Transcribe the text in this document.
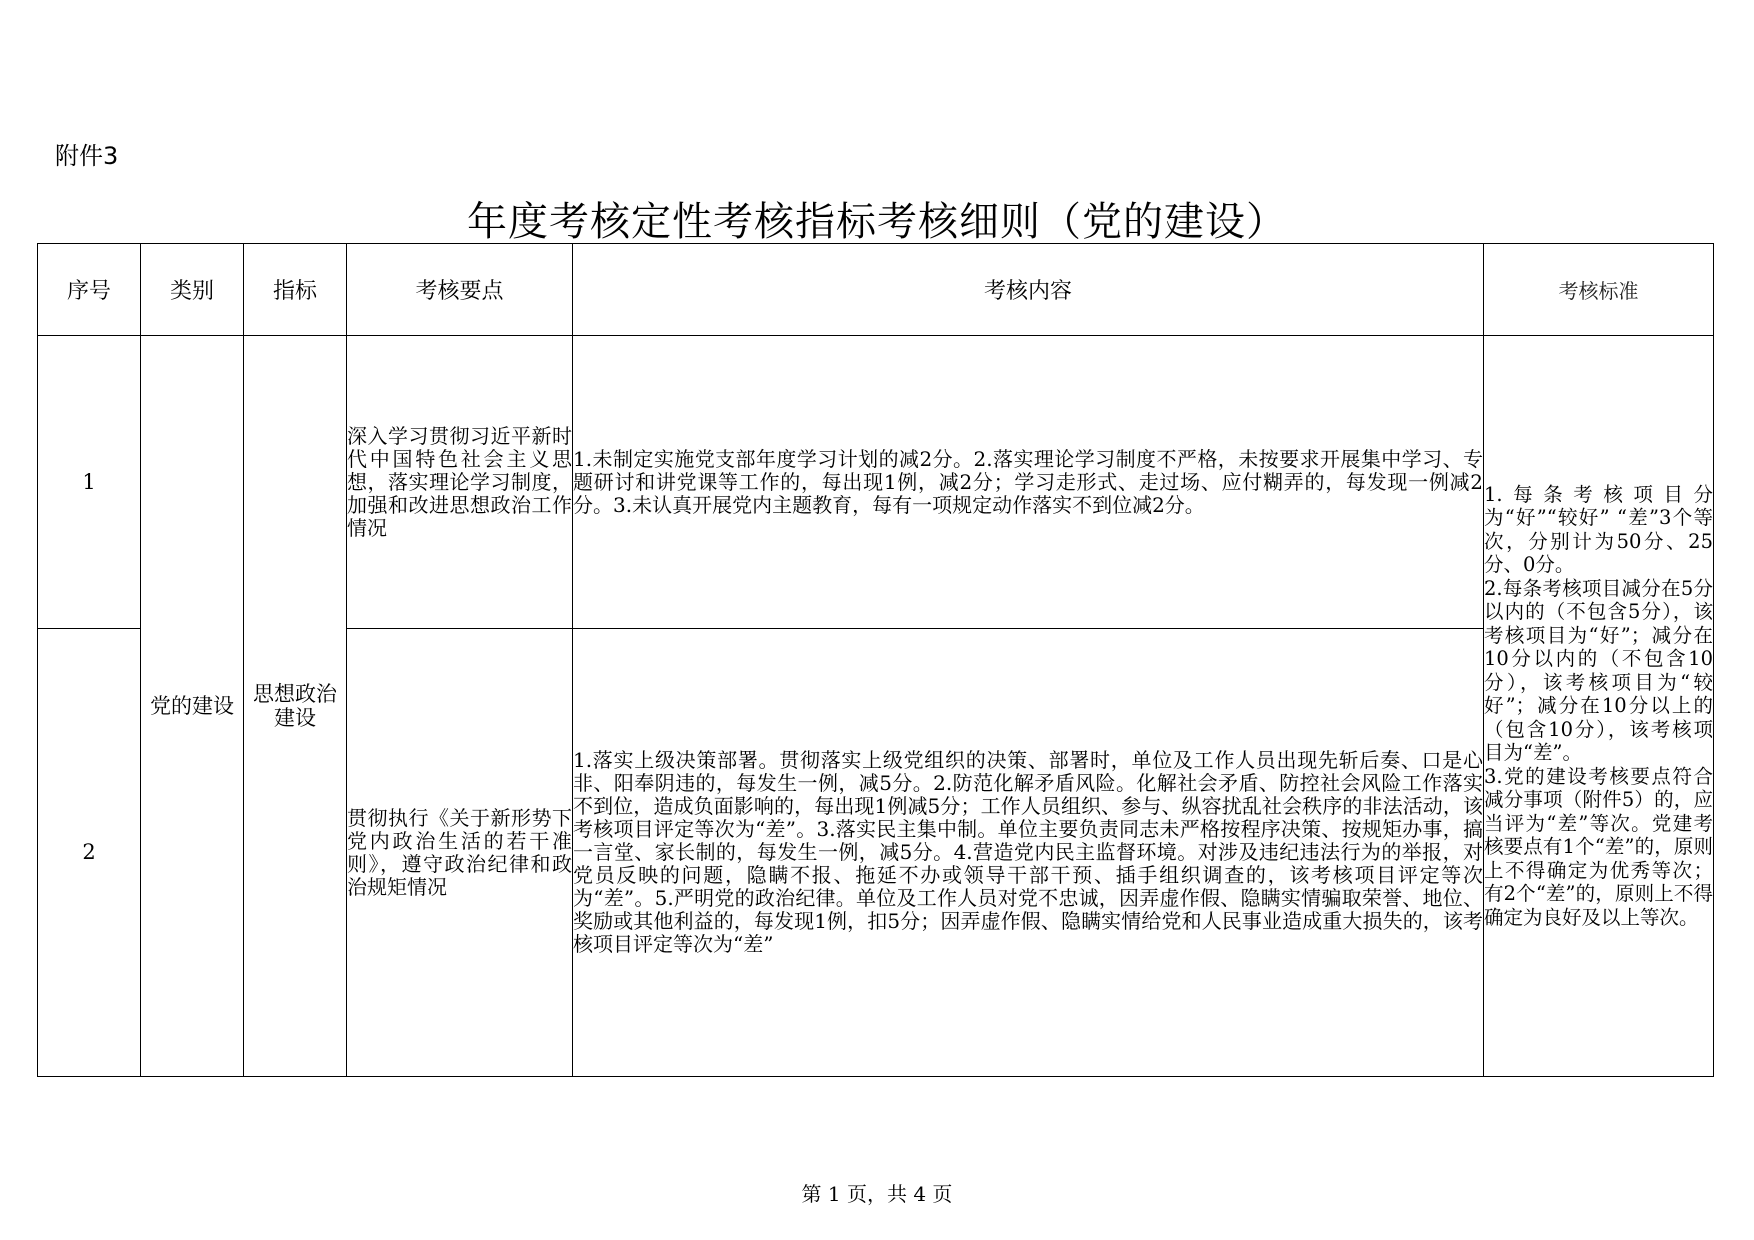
附件3
年度考核定性考核指标考核细则（党的建设）
序号	类别	指标	考核要点	考核内容	考核标准
1	党的建设	思想政治建设	深入学习贯彻习近平新时代中国特色社会主义思想，落实理论学习制度，加强和改进思想政治工作情况	1.未制定实施党支部年度学习计划的减2分。2.落实理论学习制度不严格，未按要求开展集中学习、专题研讨和讲党课等工作的，每出现1例，减2分；学习走形式、走过场、应付糊弄的，每发现一例减2分。3.未认真开展党内主题教育，每有一项规定动作落实不到位减2分。	1.每条考核项目分为“好”“较好” “差”3个等次，分别计为50分、25 分、0分。
2.每条考核项目减分在5分以内的（不包含5分），该考核项目为“好”；减分在10分以内的（不包含10分），该考核项目为“较好”；减分在10分以上的（包含10分），该考核项目为“差”。
3.党的建设考核要点符合减分事项（附件5）的，应当评为“差”等次。党建考核要点有1个“差”的，原则上不得确定为优秀等次；有2个“差”的，原则上不得确定为良好及以上等次。

2			贯彻执行《关于新形势下党内政治生活的若干准则》，遵守政治纪律和政治规矩情况	1.落实上级决策部署。贯彻落实上级党组织的决策、部署时，单位及工作人员出现先斩后奏、口是心非、阳奉阴违的，每发生一例，减5分。2.防范化解矛盾风险。化解社会矛盾、防控社会风险工作落实不到位，造成负面影响的，每出现1例减5分；工作人员组织、参与、纵容扰乱社会秩序的非法活动，该考核项目评定等次为“差”。3.落实民主集中制。单位主要负责同志未严格按程序决策、按规矩办事，搞一言堂、家长制的，每发生一例，减5分。4.营造党内民主监督环境。对涉及违纪违法行为的举报，对党员反映的问题，隐瞒不报、拖延不办或领导干部干预、插手组织调查的，该考核项目评定等次为“差”。5.严明党的政治纪律。单位及工作人员对党不忠诚，因弄虚作假、隐瞒实情骗取荣誉、地位、奖励或其他利益的，每发现1例，扣5分；因弄虚作假、隐瞒实情给党和人民事业造成重大损失的，该考核项目评定等次为“差”	
第 1 页，共 4 页
